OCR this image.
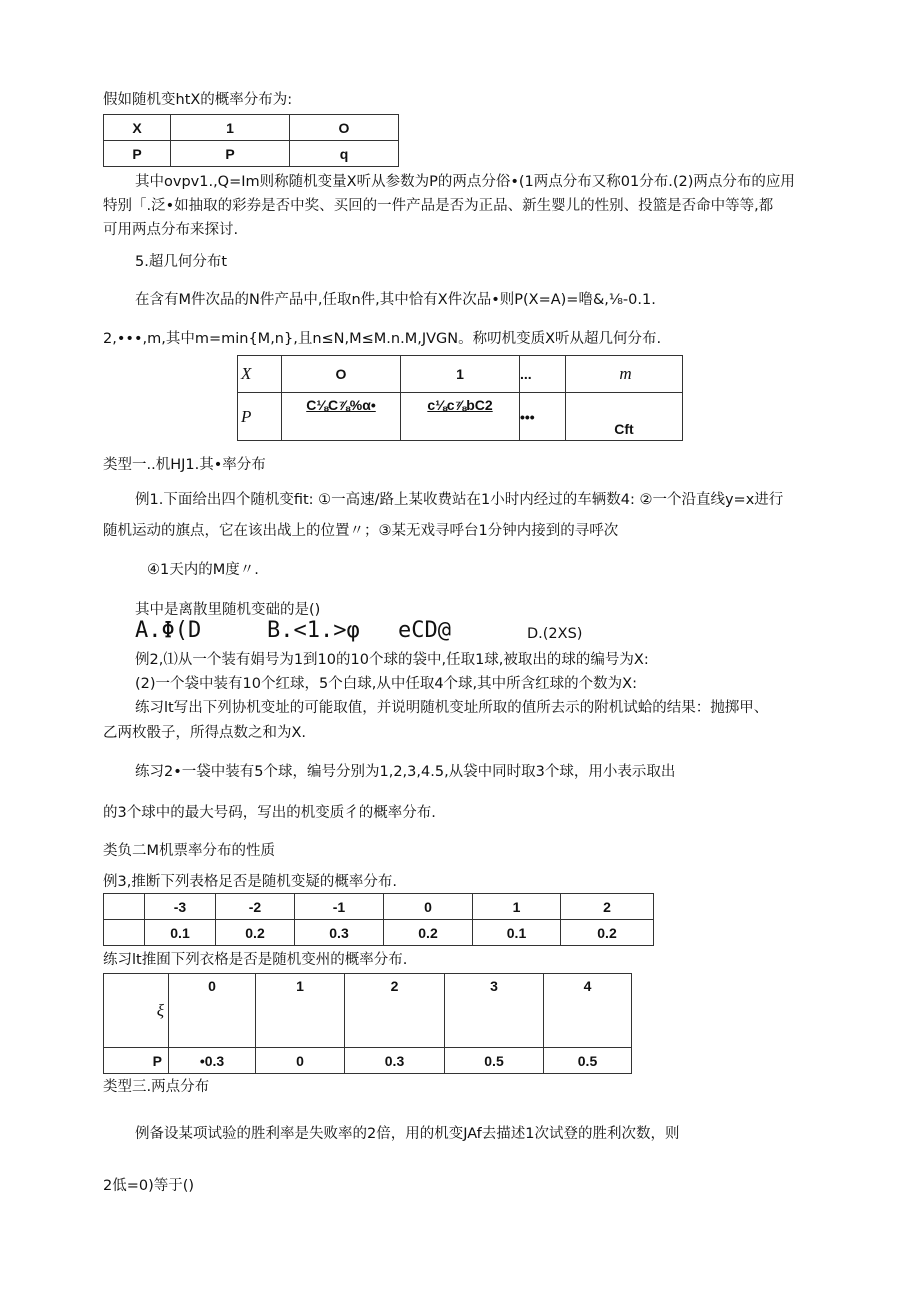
假如随机变htX的概率分布为:
X	1	O
P	P	q
其中ovpv1.,Q=Im则称随机变量X听从参数为P的两点分俗•(1两点分布又称01分布.(2)两点分布的应用
特别「.泛•如抽取的彩券是否中奖、买回的一件产品是否为正品、新生婴儿的性别、投篮是否命中等等,都
可用两点分布来探讨.
5.超几何分布t
在含有M件次品的N件产品中,任取n件,其中恰有X件次品•则P(X=A)=噜&,⅛-0.1.
2,•••,m,其中m=min{M,n},且n≤N,M≤M.n.M,JVGN。称叨机变质X听从超几何分布.
X	O	1	...	m
P	C⅛C⅞%α•	c⅛c⅞bC2	•••	Cft
类型一..机HJ1.其•率分布
例1.下面给出四个随机变fit: ①一高速/路上某收费站在1小时内经过的车辆数4: ②一个沿直线y=x进行
随机运动的旗点，它在该出战上的位置〃；③某无戏寻呼台1分钟内接到的寻呼次
④1天内的M度〃.
其中是离散里随机变础的是()
A.Φ(D	B.<1.>φ eCD@	D.(2XS)
例2,⑴从一个装有娟号为1到10的10个球的袋中,任取1球,被取出的球的编号为X:
(2)一个袋中装有10个红球，5个白球,从中任取4个球,其中所含红球的个数为X:
练习lt写出下列协机变址的可能取值，并说明随机变址所取的值所去示的附机试蛤的结果：抛掷甲、
乙两枚骰子，所得点数之和为X.
练习2•一袋中装有5个球，编号分别为1,2,3,4.5,从袋中同时取3个球，用小表示取出
的3个球中的最大号码，写出的机变质彳的概率分布.
类负二M机票率分布的性质
例3,推断下列表格足否是随机变疑的概率分布.
	-3	-2	-1	0	1	2
	0.1	0.2	0.3	0.2	0.1	0.2
练习lt推囿下列衣格是否是随机变州的概率分布.
ξ	0	1	2	3	4
P	•0.3	0	0.3	0.5	0.5
类型三.两点分布
例备设某项试验的胜利率是失败率的2倍，用的机变JAf去描述1次试登的胜利次数，则
2低=0)等于()
